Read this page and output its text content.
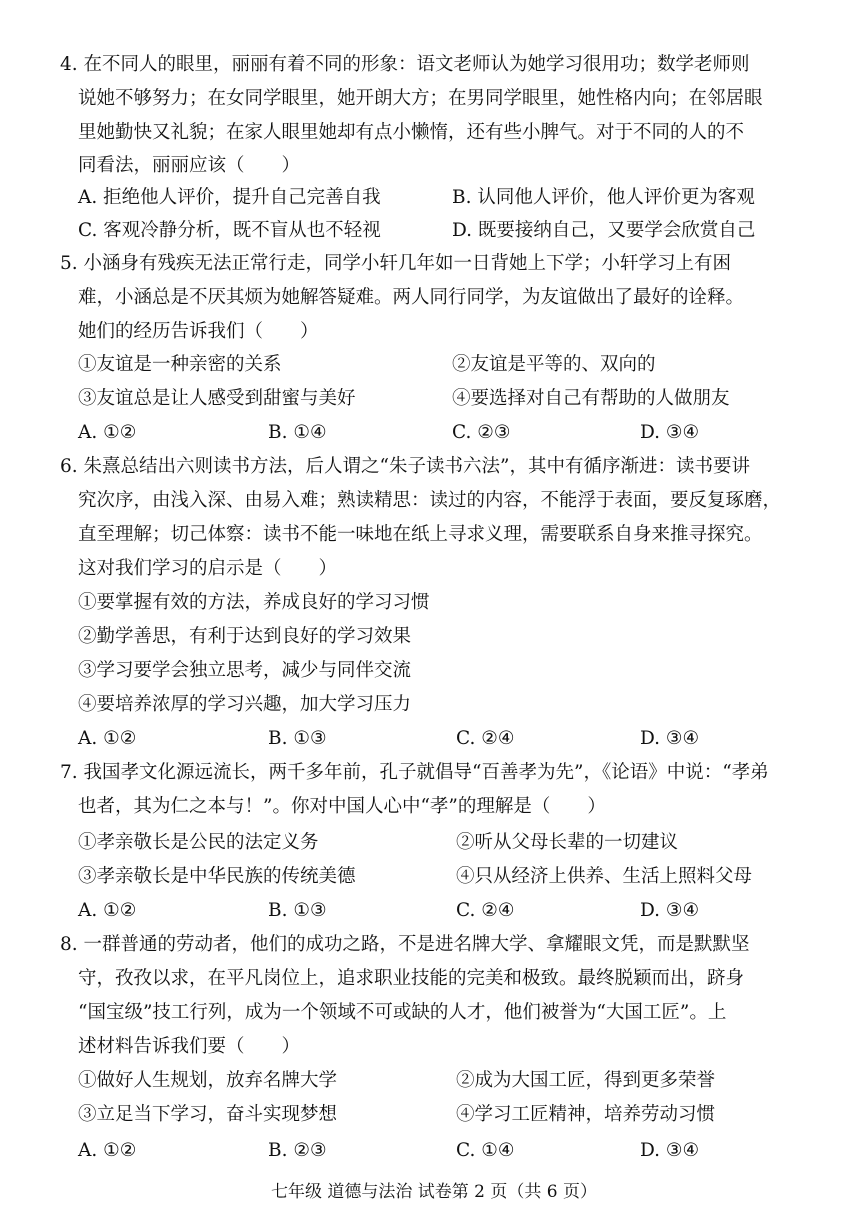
4. 在不同人的眼里，丽丽有着不同的形象：语文老师认为她学习很用功；数学老师则
说她不够努力；在女同学眼里，她开朗大方；在男同学眼里，她性格内向；在邻居眼
里她勤快又礼貌；在家人眼里她却有点小懒惰，还有些小脾气。对于不同的人的不
同看法，丽丽应该（　　）
A. 拒绝他人评价，提升自己完善自我	B. 认同他人评价，他人评价更为客观
C. 客观冷静分析，既不盲从也不轻视	D. 既要接纳自己，又要学会欣赏自己
5. 小涵身有残疾无法正常行走，同学小轩几年如一日背她上下学；小轩学习上有困
难，小涵总是不厌其烦为她解答疑难。两人同行同学，为友谊做出了最好的诠释。
她们的经历告诉我们（　　）
①友谊是一种亲密的关系	②友谊是平等的、双向的
③友谊总是让人感受到甜蜜与美好	④要选择对自己有帮助的人做朋友
A. ①②	B. ①④	C. ②③	D. ③④
6. 朱熹总结出六则读书方法，后人谓之“朱子读书六法”，其中有循序渐进：读书要讲
究次序，由浅入深、由易入难；熟读精思：读过的内容，不能浮于表面，要反复琢磨，
直至理解；切己体察：读书不能一味地在纸上寻求义理，需要联系自身来推寻探究。
这对我们学习的启示是（　　）
①要掌握有效的方法，养成良好的学习习惯
②勤学善思，有利于达到良好的学习效果
③学习要学会独立思考，减少与同伴交流
④要培养浓厚的学习兴趣，加大学习压力
A. ①②	B. ①③	C. ②④	D. ③④
7. 我国孝文化源远流长，两千多年前，孔子就倡导“百善孝为先”，《论语》中说：“孝弟
也者，其为仁之本与！”。你对中国人心中“孝”的理解是（　　）
①孝亲敬长是公民的法定义务	②听从父母长辈的一切建议
③孝亲敬长是中华民族的传统美德	④只从经济上供养、生活上照料父母
A. ①②	B. ①③	C. ②④	D. ③④
8. 一群普通的劳动者，他们的成功之路，不是进名牌大学、拿耀眼文凭，而是默默坚
守，孜孜以求，在平凡岗位上，追求职业技能的完美和极致。最终脱颖而出，跻身
“国宝级”技工行列，成为一个领域不可或缺的人才，他们被誉为“大国工匠”。上
述材料告诉我们要（　　）
①做好人生规划，放弃名牌大学	②成为大国工匠，得到更多荣誉
③立足当下学习，奋斗实现梦想	④学习工匠精神，培养劳动习惯
A. ①②	B. ②③	C. ①④	D. ③④
七年级 道德与法治 试卷第 2 页（共 6 页）
